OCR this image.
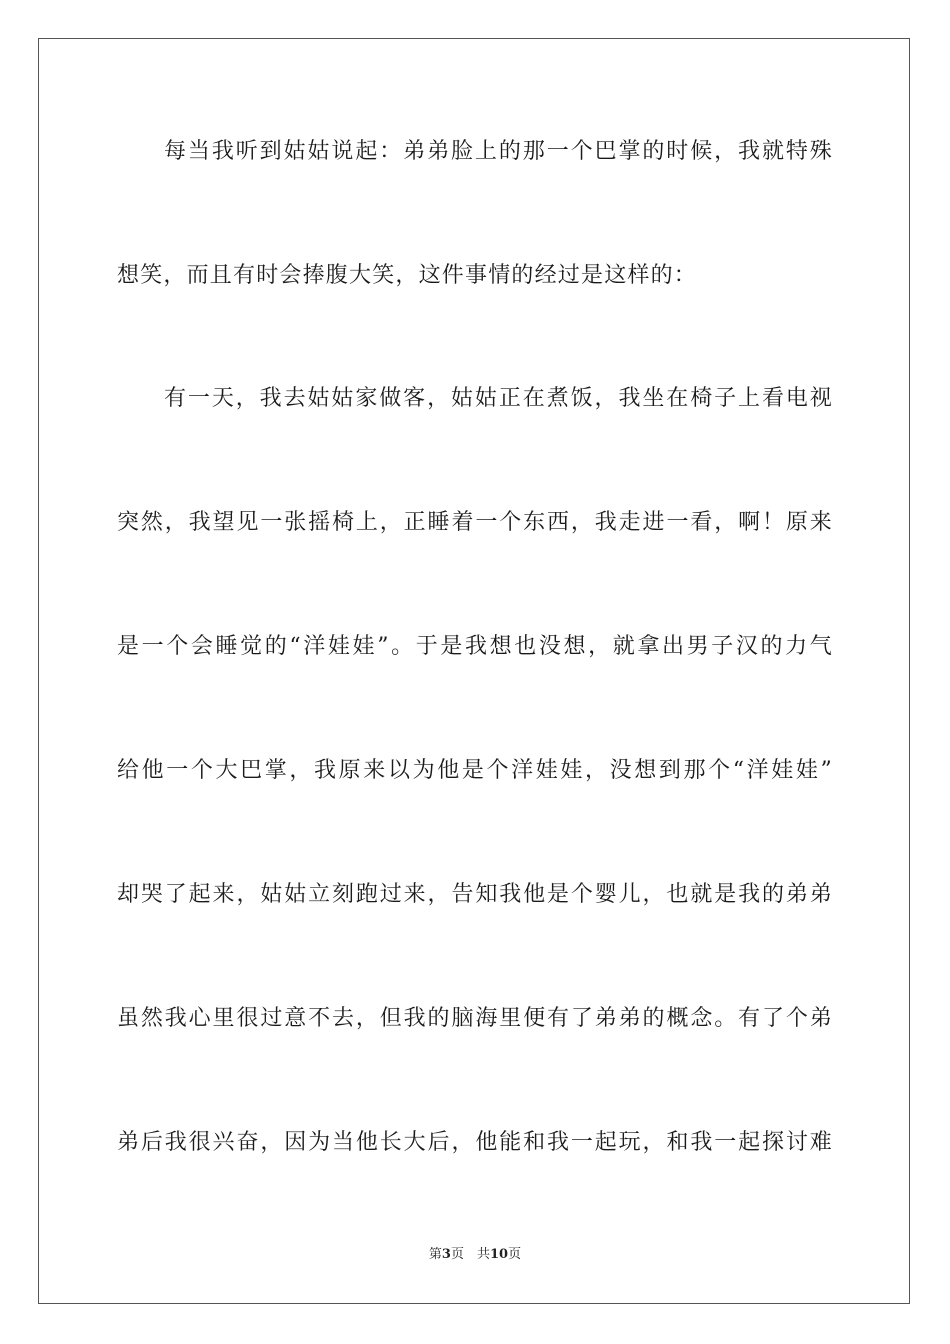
每当我听到姑姑说起：弟弟脸上的那一个巴掌的时候，我就特殊
想笑，而且有时会捧腹大笑，这件事情的经过是这样的：
有一天，我去姑姑家做客，姑姑正在煮饭，我坐在椅子上看电视
突然，我望见一张摇椅上，正睡着一个东西，我走进一看，啊！原来
是一个会睡觉的“洋娃娃”。于是我想也没想，就拿出男子汉的力气
给他一个大巴掌，我原来以为他是个洋娃娃，没想到那个“洋娃娃”
却哭了起来，姑姑立刻跑过来，告知我他是个婴儿，也就是我的弟弟
虽然我心里很过意不去，但我的脑海里便有了弟弟的概念。有了个弟
弟后我很兴奋，因为当他长大后，他能和我一起玩，和我一起探讨难
第3页　共10页
